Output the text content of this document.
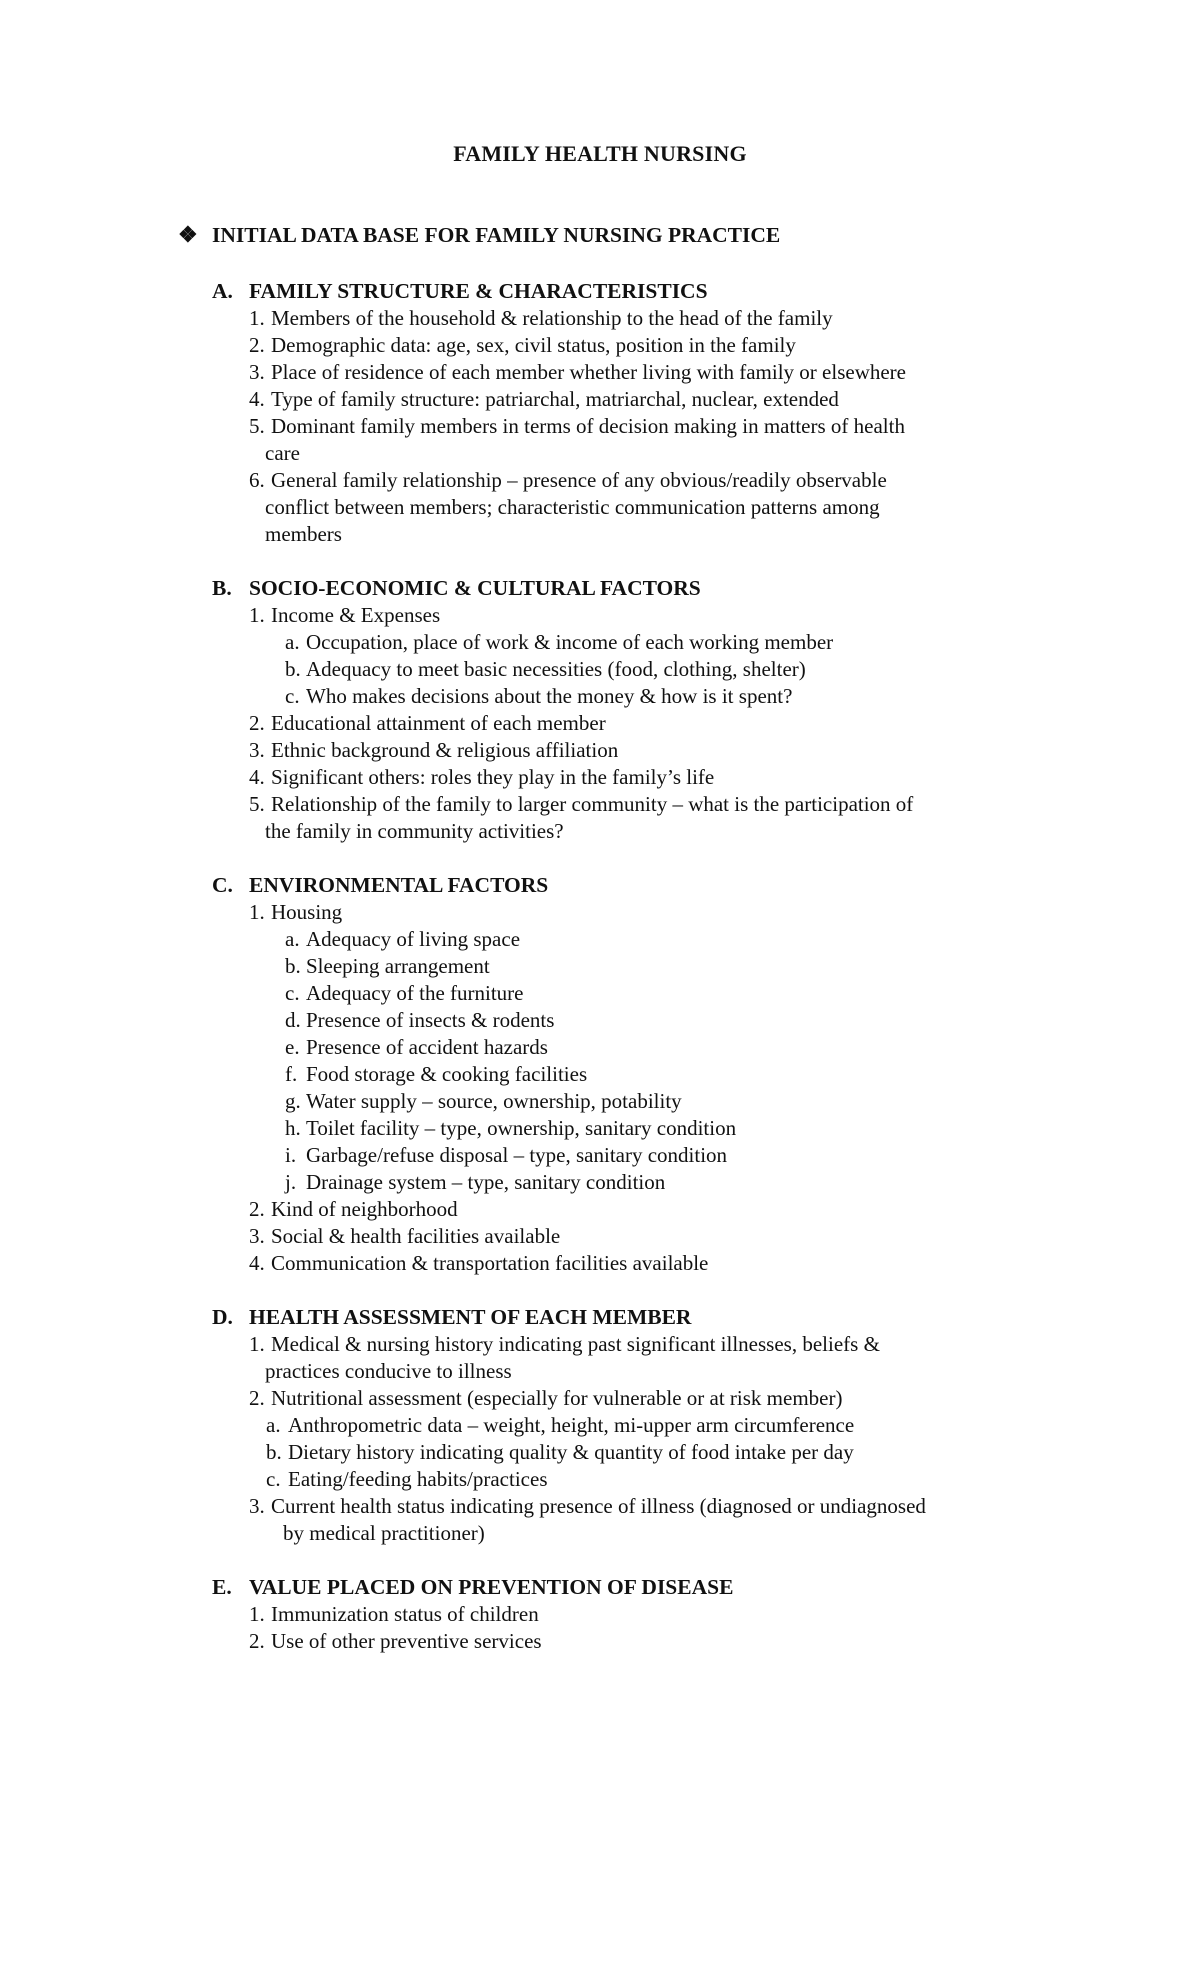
FAMILY HEALTH NURSING
❖ INITIAL DATA BASE FOR FAMILY NURSING PRACTICE
A. FAMILY STRUCTURE & CHARACTERISTICS
1. Members of the household & relationship to the head of the family
2. Demographic data: age, sex, civil status, position in the family
3. Place of residence of each member whether living with family or elsewhere
4. Type of family structure: patriarchal, matriarchal, nuclear, extended
5. Dominant family members in terms of decision making in matters of health
care
6. General family relationship – presence of any obvious/readily observable
conflict between members; characteristic communication patterns among
members
B. SOCIO-ECONOMIC & CULTURAL FACTORS
1. Income & Expenses
a. Occupation, place of work & income of each working member
b. Adequacy to meet basic necessities (food, clothing, shelter)
c. Who makes decisions about the money & how is it spent?
2. Educational attainment of each member
3. Ethnic background & religious affiliation
4. Significant others: roles they play in the family’s life
5. Relationship of the family to larger community – what is the participation of
the family in community activities?
C. ENVIRONMENTAL FACTORS
1. Housing
a. Adequacy of living space
b. Sleeping arrangement
c. Adequacy of the furniture
d. Presence of insects & rodents
e. Presence of accident hazards
f. Food storage & cooking facilities
g. Water supply – source, ownership, potability
h. Toilet facility – type, ownership, sanitary condition
i. Garbage/refuse disposal – type, sanitary condition
j. Drainage system – type, sanitary condition
2. Kind of neighborhood
3. Social & health facilities available
4. Communication & transportation facilities available
D. HEALTH ASSESSMENT OF EACH MEMBER
1. Medical & nursing history indicating past significant illnesses, beliefs &
practices conducive to illness
2. Nutritional assessment (especially for vulnerable or at risk member)
a. Anthropometric data – weight, height, mi-upper arm circumference
b. Dietary history indicating quality & quantity of food intake per day
c. Eating/feeding habits/practices
3. Current health status indicating presence of illness (diagnosed or undiagnosed
by medical practitioner)
E. VALUE PLACED ON PREVENTION OF DISEASE
1. Immunization status of children
2. Use of other preventive services
